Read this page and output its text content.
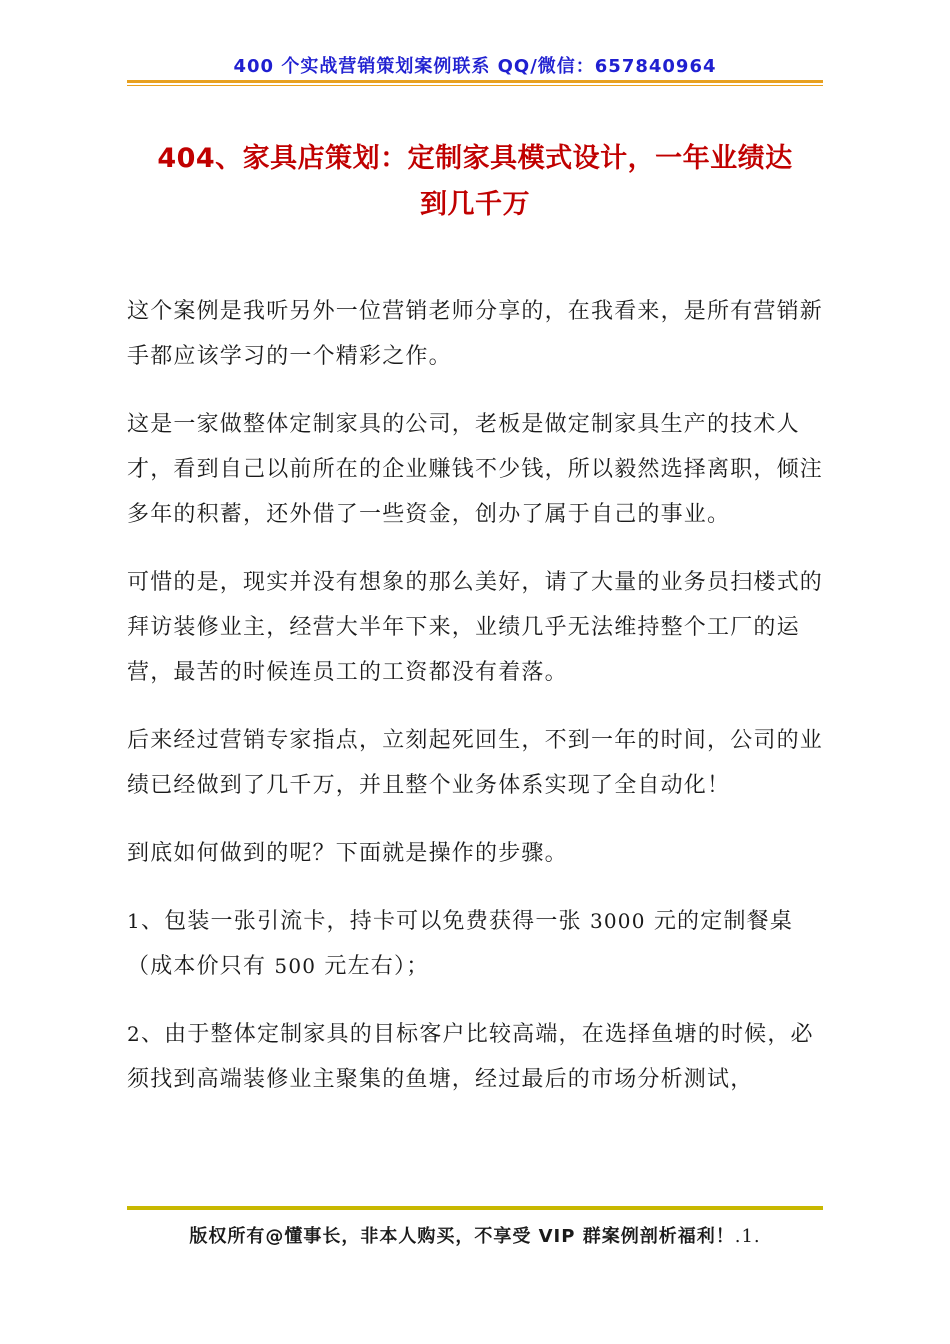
400 个实战营销策划案例联系 QQ/微信：657840964
404、家具店策划：定制家具模式设计，一年业绩达
到几千万

这个案例是我听另外一位营销老师分享的，在我看来，是所有营销新手都应该学习的一个精彩之作。

这是一家做整体定制家具的公司，老板是做定制家具生产的技术人才，看到自己以前所在的企业赚钱不少钱，所以毅然选择离职，倾注多年的积蓄，还外借了一些资金，创办了属于自己的事业。

可惜的是，现实并没有想象的那么美好，请了大量的业务员扫楼式的拜访装修业主，经营大半年下来，业绩几乎无法维持整个工厂的运营，最苦的时候连员工的工资都没有着落。

后来经过营销专家指点，立刻起死回生，不到一年的时间，公司的业绩已经做到了几千万，并且整个业务体系实现了全自动化！

到底如何做到的呢？下面就是操作的步骤。

1、包装一张引流卡，持卡可以免费获得一张 3000 元的定制餐桌（成本价只有 500 元左右）；

2、由于整体定制家具的目标客户比较高端，在选择鱼塘的时候，必须找到高端装修业主聚集的鱼塘，经过最后的市场分析测试，

版权所有@懂事长，非本人购买，不享受 VIP 群案例剖析福利！.1.
